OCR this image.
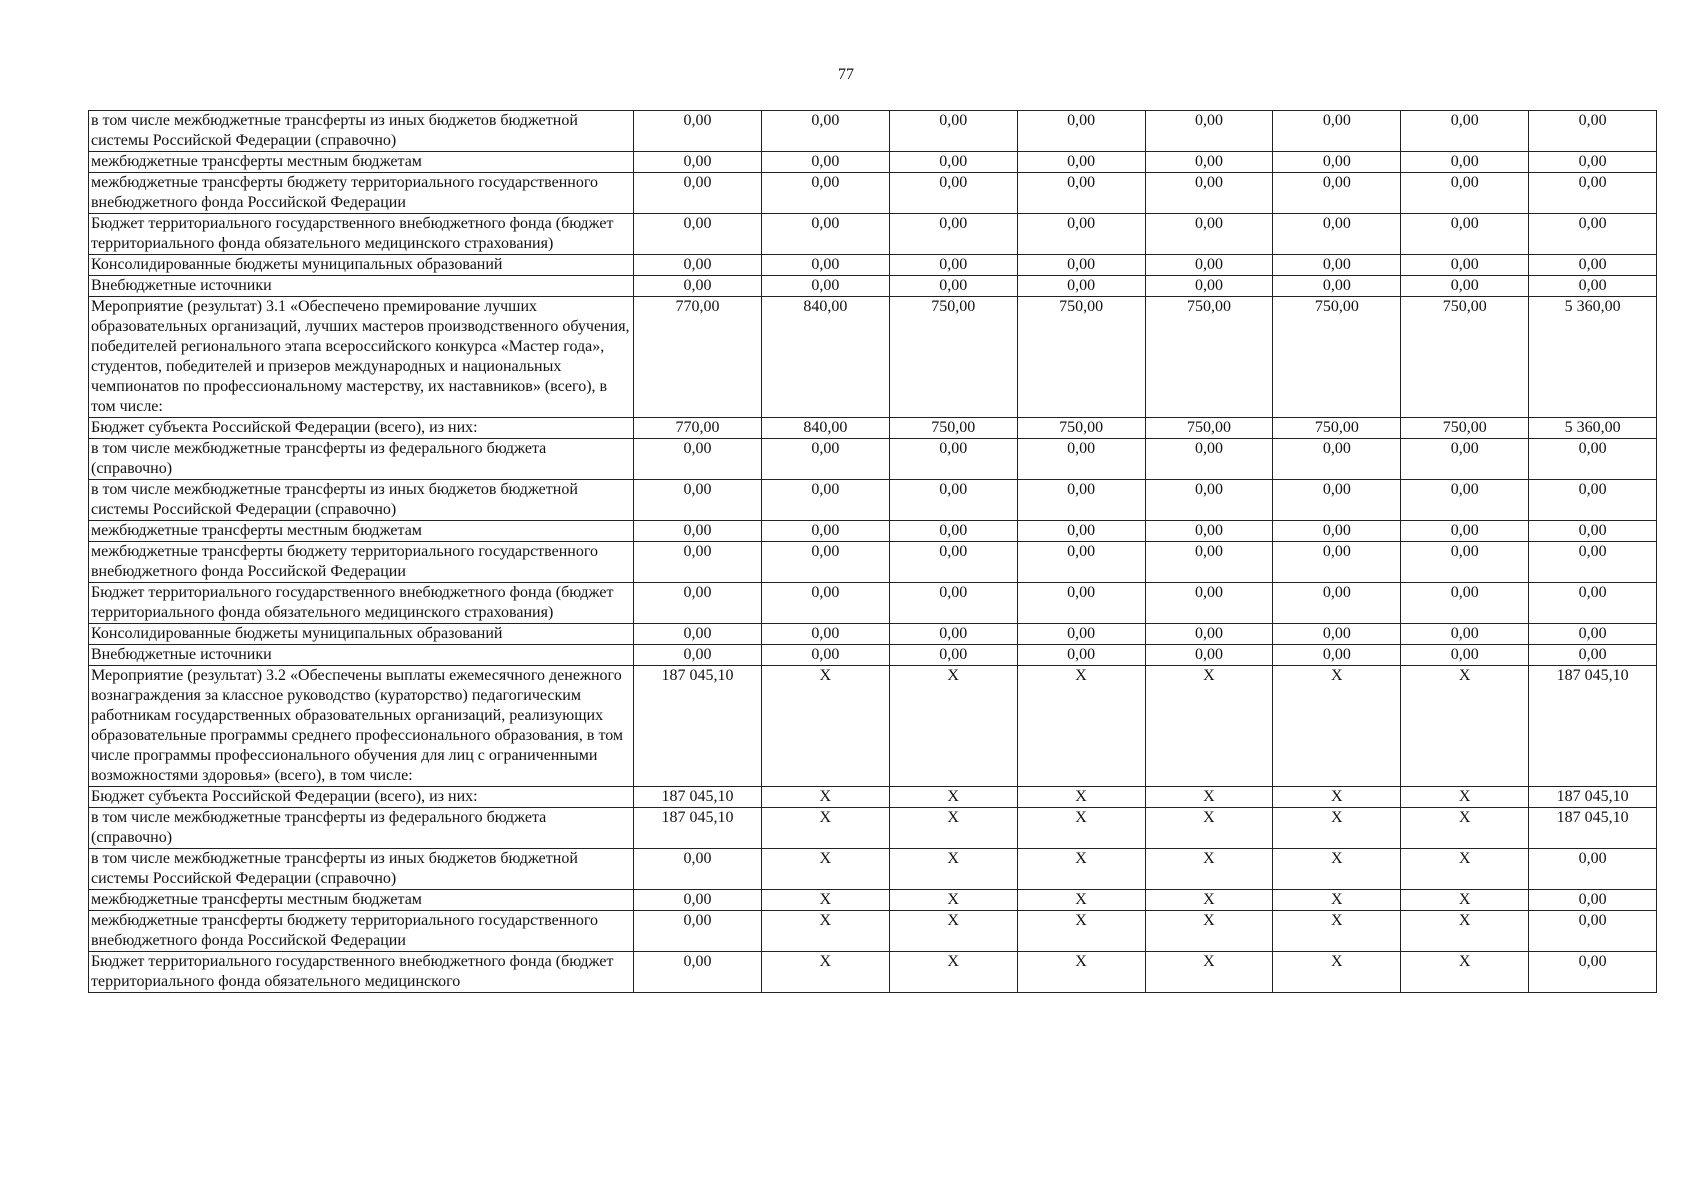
77
в том числе межбюджетные трансферты из иных бюджетов бюджетной системы Российской Федерации (справочно)	0,00	0,00	0,00	0,00	0,00	0,00	0,00	0,00
межбюджетные трансферты местным бюджетам	0,00	0,00	0,00	0,00	0,00	0,00	0,00	0,00
межбюджетные трансферты бюджету территориального государственного внебюджетного фонда Российской Федерации	0,00	0,00	0,00	0,00	0,00	0,00	0,00	0,00
Бюджет территориального государственного внебюджетного фонда (бюджет территориального фонда обязательного медицинского страхования)	0,00	0,00	0,00	0,00	0,00	0,00	0,00	0,00
Консолидированные бюджеты муниципальных образований	0,00	0,00	0,00	0,00	0,00	0,00	0,00	0,00
Внебюджетные источники	0,00	0,00	0,00	0,00	0,00	0,00	0,00	0,00
Мероприятие (результат) 3.1 «Обеспечено премирование лучших образовательных организаций, лучших мастеров производственного обучения, победителей регионального этапа всероссийского конкурса «Мастер года», студентов, победителей и призеров международных и национальных чемпионатов по профессиональному мастерству, их наставников» (всего), в том числе:	770,00	840,00	750,00	750,00	750,00	750,00	750,00	5 360,00
Бюджет субъекта Российской Федерации (всего), из них:	770,00	840,00	750,00	750,00	750,00	750,00	750,00	5 360,00
в том числе межбюджетные трансферты из федерального бюджета (справочно)	0,00	0,00	0,00	0,00	0,00	0,00	0,00	0,00
в том числе межбюджетные трансферты из иных бюджетов бюджетной системы Российской Федерации (справочно)	0,00	0,00	0,00	0,00	0,00	0,00	0,00	0,00
межбюджетные трансферты местным бюджетам	0,00	0,00	0,00	0,00	0,00	0,00	0,00	0,00
межбюджетные трансферты бюджету территориального государственного внебюджетного фонда Российской Федерации	0,00	0,00	0,00	0,00	0,00	0,00	0,00	0,00
Бюджет территориального государственного внебюджетного фонда (бюджет территориального фонда обязательного медицинского страхования)	0,00	0,00	0,00	0,00	0,00	0,00	0,00	0,00
Консолидированные бюджеты муниципальных образований	0,00	0,00	0,00	0,00	0,00	0,00	0,00	0,00
Внебюджетные источники	0,00	0,00	0,00	0,00	0,00	0,00	0,00	0,00
Мероприятие (результат) 3.2 «Обеспечены выплаты ежемесячного денежного вознаграждения за классное руководство (кураторство) педагогическим работникам государственных образовательных организаций, реализующих образовательные программы среднего профессионального образования, в том числе программы профессионального обучения для лиц с ограниченными возможностями здоровья» (всего), в том числе:	187 045,10	X	X	X	X	X	X	187 045,10
Бюджет субъекта Российской Федерации (всего), из них:	187 045,10	X	X	X	X	X	X	187 045,10
в том числе межбюджетные трансферты из федерального бюджета (справочно)	187 045,10	X	X	X	X	X	X	187 045,10
в том числе межбюджетные трансферты из иных бюджетов бюджетной системы Российской Федерации (справочно)	0,00	X	X	X	X	X	X	0,00
межбюджетные трансферты местным бюджетам	0,00	X	X	X	X	X	X	0,00
межбюджетные трансферты бюджету территориального государственного внебюджетного фонда Российской Федерации	0,00	X	X	X	X	X	X	0,00
Бюджет территориального государственного внебюджетного фонда (бюджет территориального фонда обязательного медицинского	0,00	X	X	X	X	X	X	0,00
